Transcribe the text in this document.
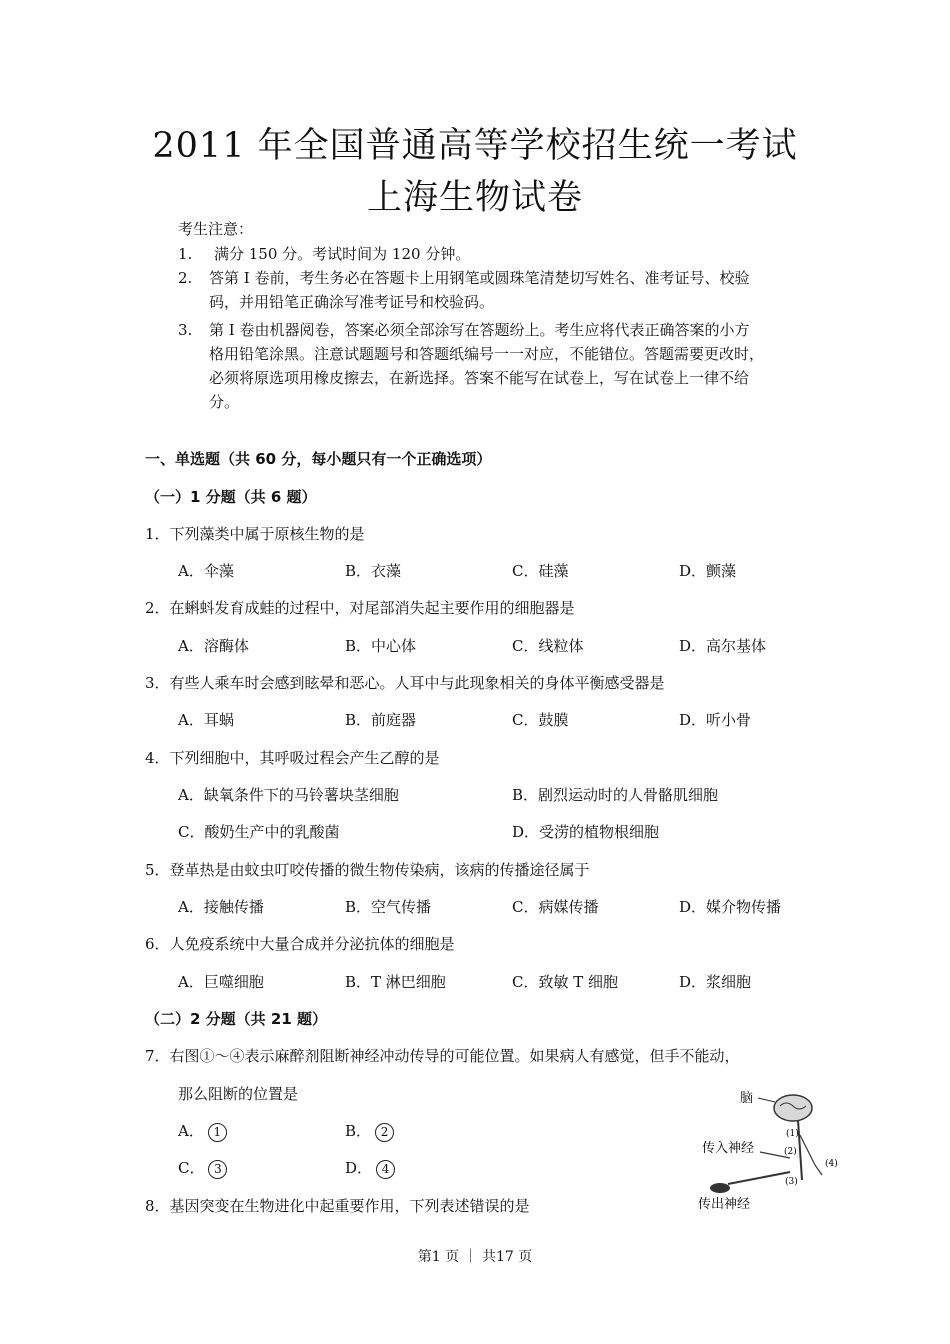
2011 年全国普通高等学校招生统一考试
上海生物试卷
考生注意：
1. 满分 150 分。考试时间为 120 分钟。
2. 答第 Ⅰ 卷前，考生务必在答题卡上用钢笔或圆珠笔清楚切写姓名、准考证号、校验
码，并用铅笔正确涂写准考证号和校验码。
3. 第 Ⅰ 卷由机器阅卷，答案必须全部涂写在答题纷上。考生应将代表正确答案的小方
格用铅笔涂黑。注意试题题号和答题纸编号一一对应，不能错位。答题需要更改时，
必须将原选项用橡皮擦去，在新选择。答案不能写在试卷上，写在试卷上一律不给
分。
一、单选题（共 60 分，每小题只有一个正确选项）
（一）1 分题（共 6 题）
1．下列藻类中属于原核生物的是
A．伞藻	B．衣藻	C．硅藻	D．颤藻
2．在蝌蚪发育成蛙的过程中，对尾部消失起主要作用的细胞器是
A．溶酶体	B．中心体	C．线粒体	D．高尔基体
3．有些人乘车时会感到眩晕和恶心。人耳中与此现象相关的身体平衡感受器是
A．耳蜗	B．前庭器	C．鼓膜	D．听小骨
4．下列细胞中，其呼吸过程会产生乙醇的是
A．缺氧条件下的马铃薯块茎细胞	B．剧烈运动时的人骨骼肌细胞
C．酸奶生产中的乳酸菌	D．受涝的植物根细胞
5．登革热是由蚊虫叮咬传播的微生物传染病，该病的传播途径属于
A．接触传播	B．空气传播	C．病媒传播	D．媒介物传播
6．人免疫系统中大量合成并分泌抗体的细胞是
A．巨噬细胞	B．T 淋巴细胞	C．致敏 T 细胞	D．浆细胞
（二）2 分题（共 21 题）
7．右图①～④表示麻醉剂阻断神经冲动传导的可能位置。如果病人有感觉，但手不能动，
那么阻断的位置是
A． 1	B． 2
C． 3	D． 4
8．基因突变在生物进化中起重要作用，下列表述错误的是
脑
(1)
(2)
(3)
(4)
传入神经
传出神经
第1 页 ｜ 共17 页
